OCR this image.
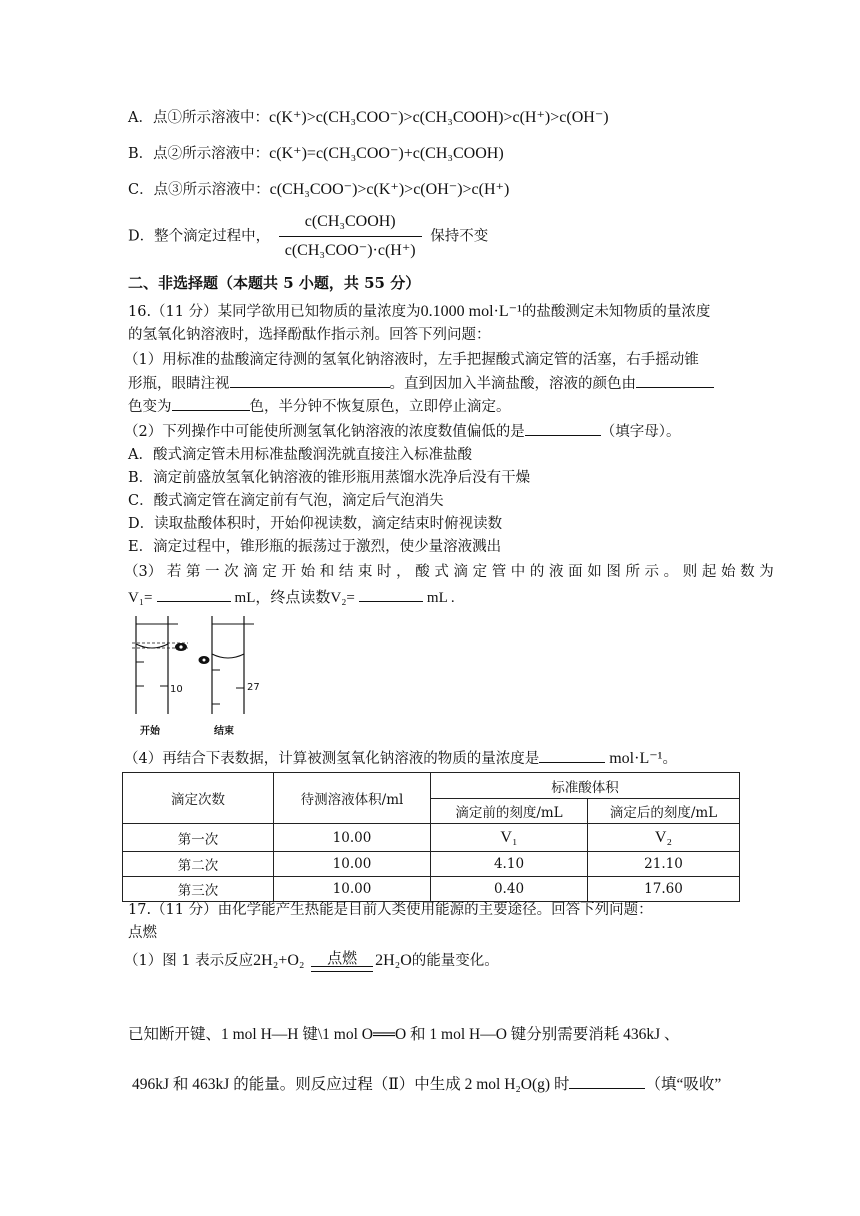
A．点①所示溶液中：c(K⁺)>c(CH₃COO⁻)>c(CH₃COOH)>c(H⁺)>c(OH⁻)
B．点②所示溶液中：c(K⁺)=c(CH₃COO⁻)+c(CH₃COOH)
C．点③所示溶液中：c(CH₃COO⁻)>c(K⁺)>c(OH⁻)>c(H⁺)
D．整个滴定过程中， $\frac{\text{c(CH₃COOH)}}{\text{c(CH₃COO⁻)·c(H⁺)}}$ 保持不变
二、非选择题（本题共 5 小题，共 55 分）
16.（11 分）某同学欲用已知物质的量浓度为0.1000 mol·L⁻¹的盐酸测定未知物质的量浓度
的氢氧化钠溶液时，选择酚酞作指示剂。回答下列问题：
（1）用标准的盐酸滴定待测的氢氧化钠溶液时，左手把握酸式滴定管的活塞，右手摇动锥
形瓶，眼睛注视	。直到因加入半滴盐酸，溶液的颜色由
色变为	色，半分钟不恢复原色，立即停止滴定。
（2）下列操作中可能使所测氢氧化钠溶液的浓度数值偏低的是	（填字母）。
A．酸式滴定管未用标准盐酸润洗就直接注入标准盐酸
B．滴定前盛放氢氧化钠溶液的锥形瓶用蒸馏水洗净后没有干燥
C．酸式滴定管在滴定前有气泡，滴定后气泡消失
D．读取盐酸体积时，开始仰视读数，滴定结束时俯视读数
E．滴定过程中，锥形瓶的振荡过于激烈，使少量溶液溅出
（3） 若 第 一 次 滴 定 开 始 和 结 束 时 ， 酸 式 滴 定 管 中 的 液 面 如 图 所 示 。 则 起 始 数 为
V₁=	mL，终点读数V₂=	mL .
10	27
开始	结束
（4）再结合下表数据，计算被测氢氧化钠溶液的物质的量浓度是	mol·L⁻¹。
滴定次数	待测溶液体积/ml	标准酸体积	
		滴定前的刻度/mL	滴定后的刻度/mL
第一次	10.00	V₁	V₂
第二次	10.00	4.10	21.10
第三次	10.00	0.40	17.60
17.（11 分）由化学能产生热能是目前人类使用能源的主要途径。回答下列问题：
点燃
（1）图 1 表示反应2H₂+O₂	点燃	2H₂O的能量变化。
已知断开键、1 mol H—H 键\1 mol O══O 和 1 mol H—O 键分别需要消耗 436kJ 、
496kJ 和 463kJ 的能量。则反应过程（Ⅱ）中生成 2 mol H₂O(g) 时	（填“吸收”
